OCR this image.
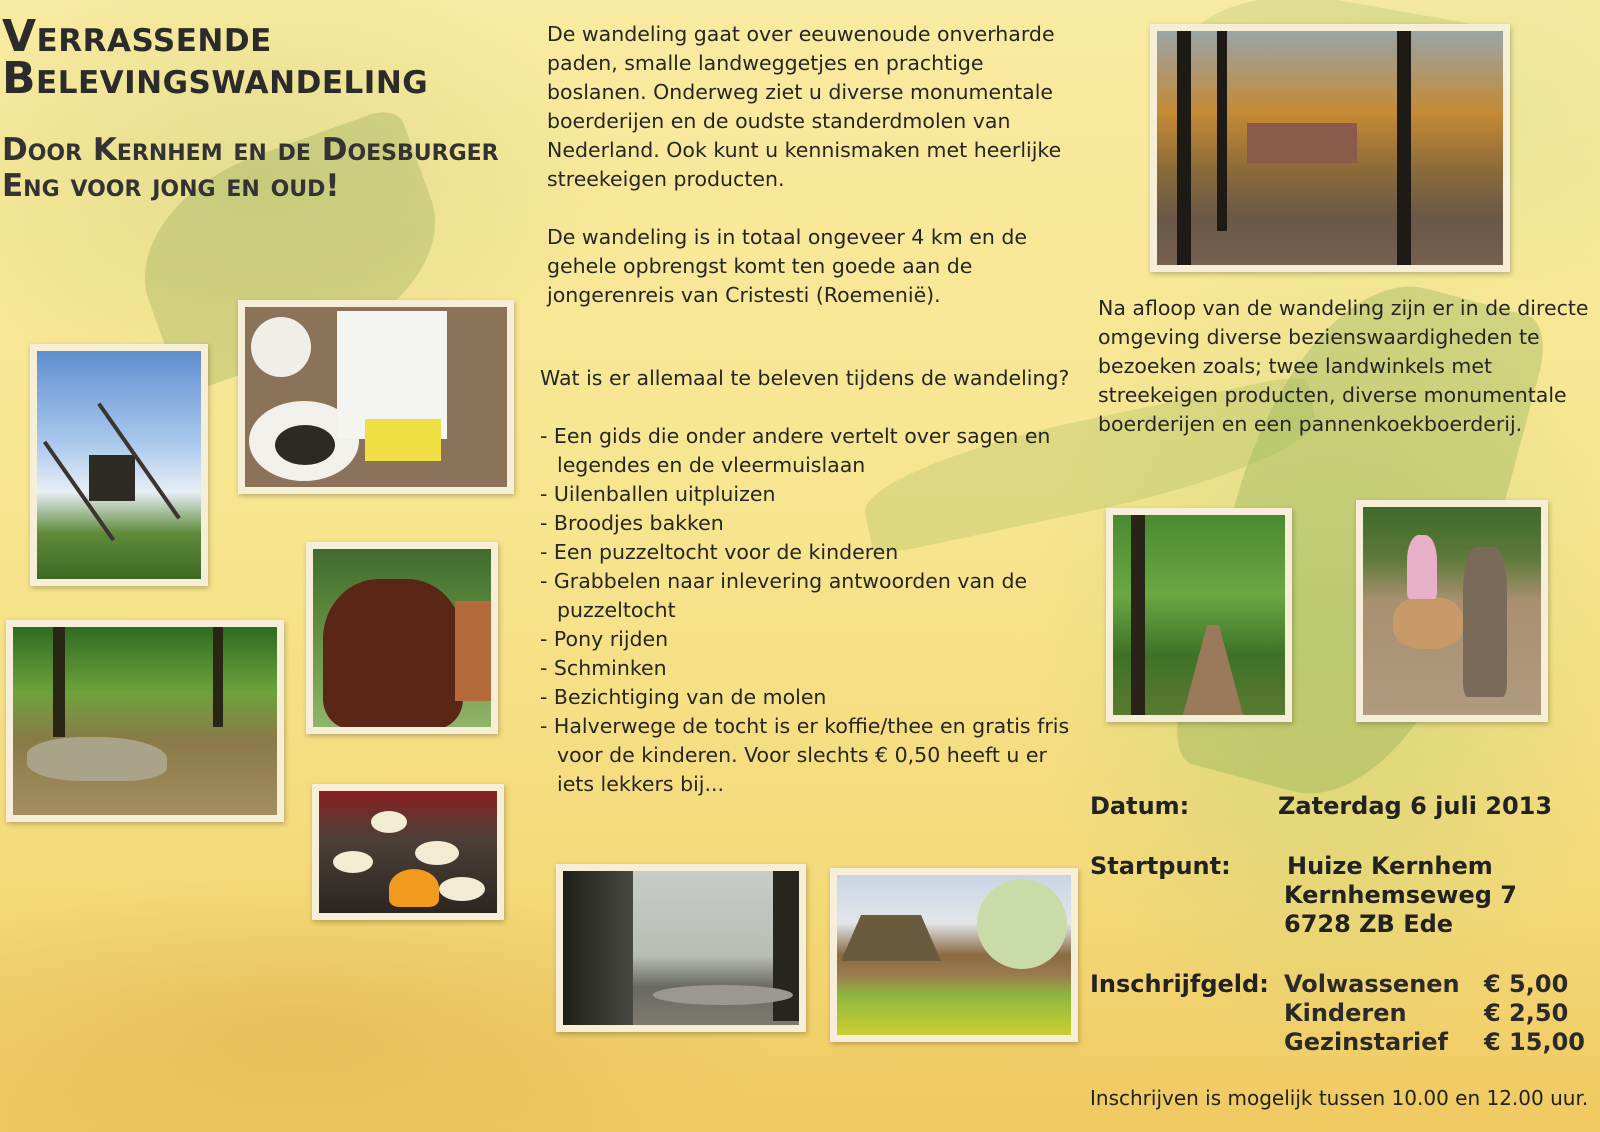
Verrassende
Belevingswandeling
Door Kernhem en de Doesburger
Eng voor jong en oud!

De wandeling gaat over eeuwenoude onverharde paden, smalle landweggetjes en prachtige boslanen. Onderweg ziet u diverse monumentale boerderijen en de oudste standerdmolen van Nederland. Ook kunt u kennismaken met heerlijke streekeigen producten.

De wandeling is in totaal ongeveer 4 km en de gehele opbrengst komt ten goede aan de jongerenreis van Cristesti (Roemenië).

Wat is er allemaal te beleven tijdens de wandeling?

- Een gids die onder andere vertelt over sagen en legendes en de vleermuislaan
- Uilenballen uitpluizen
- Broodjes bakken
- Een puzzeltocht voor de kinderen
- Grabbelen naar inlevering antwoorden van de puzzeltocht
- Pony rijden
- Schminken
- Bezichtiging van de molen
- Halverwege de tocht is er koffie/thee en gratis fris voor de kinderen. Voor slechts € 0,50 heeft u er iets lekkers bij...

Na afloop van de wandeling zijn er in de directe omgeving diverse bezienswaardigheden te bezoeken zoals; twee landwinkels met streekeigen producten, diverse monumentale boerderijen en een pannenkoekboerderij.

Datum:	Zaterdag 6 juli 2013
Startpunt: Huize Kernhem
Kernhemseweg 7
6728 ZB Ede
Inschrijfgeld: Volwassenen € 5,00
Kinderen	€ 2,50
Gezinstarief € 15,00
Inschrijven is mogelijk tussen 10.00 en 12.00 uur.
